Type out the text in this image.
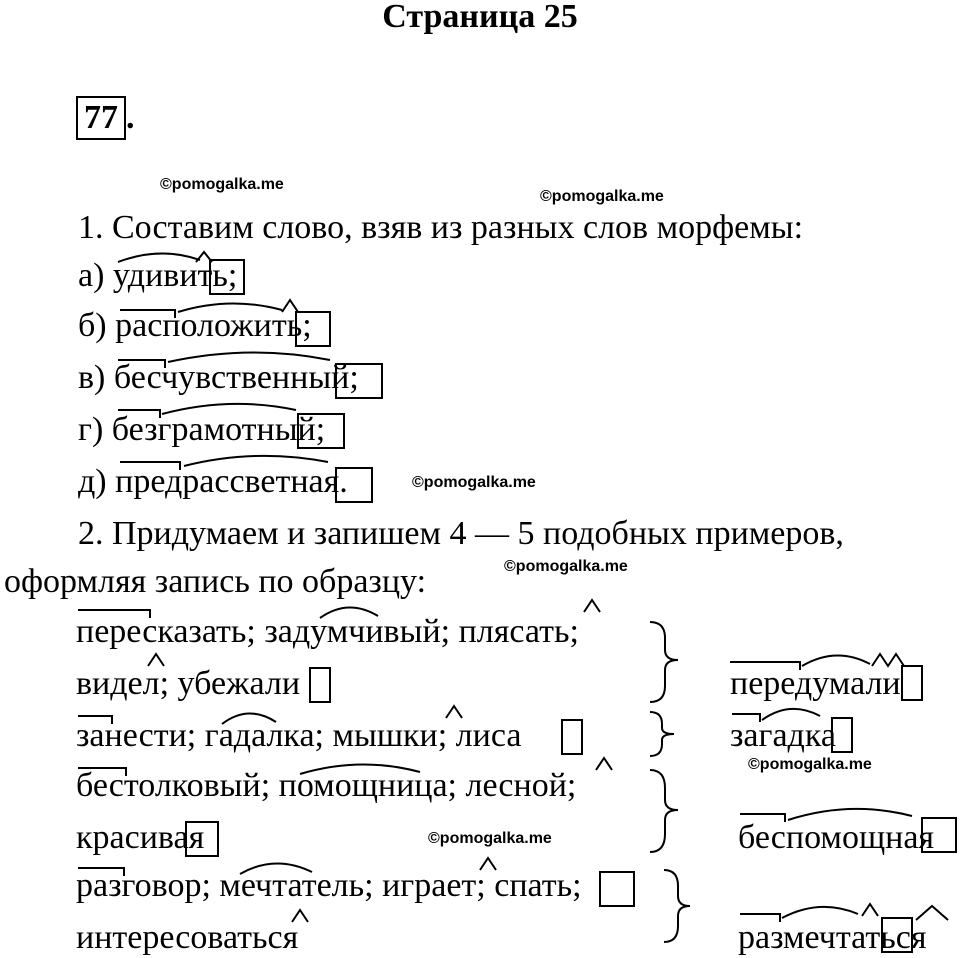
Страница 25
77 .
©pomogalka.me
©pomogalka.me
©pomogalka.me
©pomogalka.me
©pomogalka.me
©pomogalka.me
1. Составим слово, взяв из разных слов морфемы:
а) удивить;
б) расположить;
в) бесчувственный;
г) безграмотный;
д) предрассветная.
2. Придумаем и запишем 4 — 5 подобных примеров,
оформляя запись по образцу:
пересказать; задумчивый; плясать;
видел; убежали	передумали
занести; гадалка; мышки; лиса	загадка
бестолковый; помощница; лесной;
красивая	беспомощная
разговор; мечтатель; играет; спать;
интересоваться	размечтаться
